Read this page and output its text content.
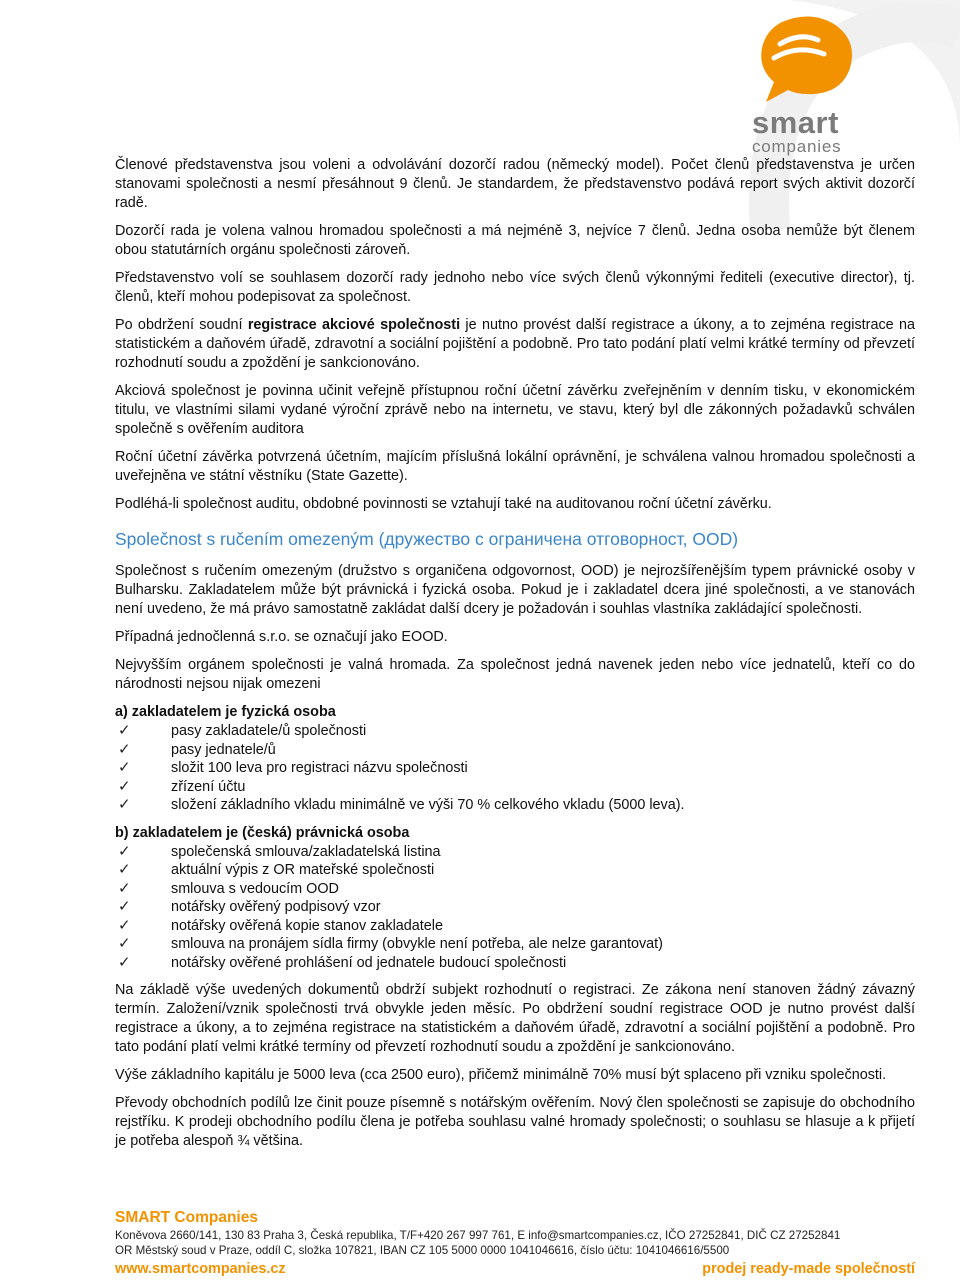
smart
companies

Členové představenstva jsou voleni a odvolávání dozorčí radou (německý model). Počet členů představenstva je určen stanovami společnosti a nesmí přesáhnout 9 členů. Je standardem, že představenstvo podává report svých aktivit dozorčí radě.

Dozorčí rada je volena valnou hromadou společnosti a má nejméně 3, nejvíce 7 členů. Jedna osoba nemůže být členem obou statutárních orgánu společnosti zároveň.

Představenstvo volí se souhlasem dozorčí rady jednoho nebo více svých členů výkonnými řediteli (executive director), tj. členů, kteří mohou podepisovat za společnost.

Po obdržení soudní registrace akciové společnosti je nutno provést další registrace a úkony, a to zejména registrace na statistickém a daňovém úřadě, zdravotní a sociální pojištění a podobně. Pro tato podání platí velmi krátké termíny od převzetí rozhodnutí soudu a zpoždění je sankcionováno.

Akciová společnost je povinna učinit veřejně přístupnou roční účetní závěrku zveřejněním v denním tisku, v ekonomickém titulu, ve vlastními silami vydané výroční zprávě nebo na internetu, ve stavu, který byl dle zákonných požadavků schválen společně s ověřením auditora

Roční účetní závěrka potvrzená účetním, majícím příslušná lokální oprávnění, je schválena valnou hromadou společnosti a uveřejněna ve státní věstníku (State Gazette).

Podléhá-li společnost auditu, obdobné povinnosti se vztahují také na auditovanou roční účetní závěrku.

Společnost s ručením omezeným (дружество с ограничена отговорност, OOD)

Společnost s ručením omezeným (družstvo s organičena odgovornost, OOD) je nejrozšířenějším typem právnické osoby v Bulharsku. Zakladatelem může být právnická i fyzická osoba. Pokud je i zakladatel dcera jiné společnosti, a ve stanovách není uvedeno, že má právo samostatně zakládat další dcery je požadován i souhlas vlastníka zakládající společnosti.

Případná jednočlenná s.r.o. se označují jako EOOD.

Nejvyšším orgánem společnosti je valná hromada. Za společnost jedná navenek jeden nebo více jednatelů, kteří co do národnosti nejsou nijak omezeni

a) zakladatelem je fyzická osoba
✓	pasy zakladatele/ů společnosti
✓	pasy jednatele/ů
✓	složit 100 leva pro registraci názvu společnosti
✓	zřízení účtu
✓	složení základního vkladu minimálně ve výši 70 % celkového vkladu (5000 leva).
b) zakladatelem je (česká) právnická osoba
✓	společenská smlouva/zakladatelská listina
✓	aktuální výpis z OR mateřské společnosti
✓	smlouva s vedoucím OOD
✓	notářsky ověřený podpisový vzor
✓	notářsky ověřená kopie stanov zakladatele
✓	smlouva na pronájem sídla firmy (obvykle není potřeba, ale nelze garantovat)
✓	notářsky ověřené prohlášení od jednatele budoucí společnosti

Na základě výše uvedených dokumentů obdrží subjekt rozhodnutí o registraci. Ze zákona není stanoven žádný závazný termín. Založení/vznik společnosti trvá obvykle jeden měsíc. Po obdržení soudní registrace OOD je nutno provést další registrace a úkony, a to zejména registrace na statistickém a daňovém úřadě, zdravotní a sociální pojištění a podobně. Pro tato podání platí velmi krátké termíny od převzetí rozhodnutí soudu a zpoždění je sankcionováno.

Výše základního kapitálu je 5000 leva (cca 2500 euro), přičemž minimálně 70% musí být splaceno při vzniku společnosti.

Převody obchodních podílů lze činit pouze písemně s notářským ověřením. Nový člen společnosti se zapisuje do obchodního rejstříku. K prodeji obchodního podílu člena je potřeba souhlasu valné hromady společnosti; o souhlasu se hlasuje a k přijetí je potřeba alespoň ¾ většina.

SMART Companies
Koněvova 2660/141, 130 83 Praha 3, Česká republika, T/F+420 267 997 761, E info@smartcompanies.cz, IČO 27252841, DIČ CZ 27252841
OR Městský soud v Praze, oddíl C, složka 107821, IBAN CZ 105 5000 0000 1041046616, číslo účtu: 1041046616/5500
www.smartcompanies.cz	prodej ready-made společností
